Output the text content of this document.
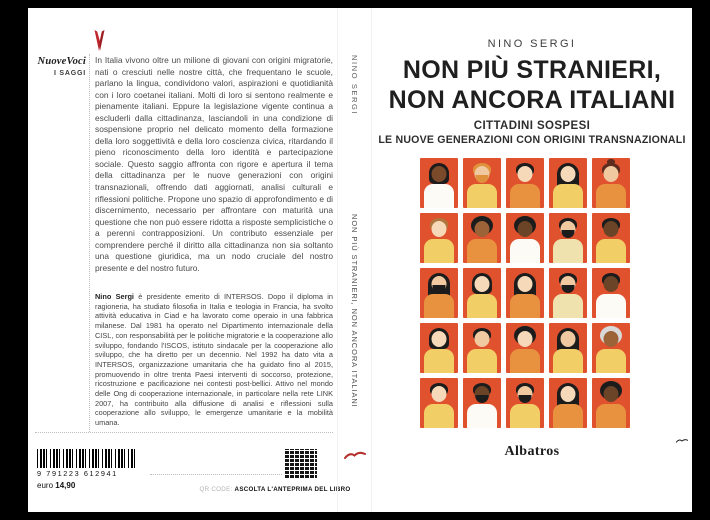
NuoveVoci
I SAGGI
In Italia vivono oltre un milione di giovani con origini migratorie, nati o cresciuti nelle nostre città, che frequentano le scuole, parlano la lingua, condividono valori, aspirazioni e quotidianità con i loro coetanei italiani. Molti di loro si sentono realmente e pienamente italiani. Eppure la legislazione vigente continua a escluderli dalla cittadinanza, lasciandoli in una condizione di sospensione proprio nel delicato momento della formazione della loro soggettività e della loro coscienza civica, ritardando il pieno riconoscimento della loro identità e partecipazione sociale. Questo saggio affronta con rigore e apertura il tema della cittadinanza per le nuove generazioni con origini transnazionali, offrendo dati aggiornati, analisi culturali e riflessioni politiche. Propone uno spazio di approfondimento e di discernimento, necessario per affrontare con maturità una questione che non può essere ridotta a risposte semplicistiche o a perenni contrapposizioni. Un contributo essenziale per comprendere perché il diritto alla cittadinanza non sia soltanto una questione giuridica, ma un nodo cruciale del nostro presente e del nostro futuro.
Nino Sergi è presidente emerito di INTERSOS. Dopo il diploma in ragioneria, ha studiato filosofia in Italia e teologia in Francia, ha svolto attività educativa in Ciad e ha lavorato come operaio in una fabbrica milanese. Dal 1981 ha operato nel Dipartimento internazionale della CISL, con responsabilità per le politiche migratorie e la cooperazione allo sviluppo, fondando l'ISCOS, istituto sindacale per la cooperazione allo sviluppo, che ha diretto per un decennio. Nel 1992 ha dato vita a INTERSOS, organizzazione umanitaria che ha guidato fino al 2015, promuovendo in oltre trenta Paesi interventi di soccorso, protezione, ricostruzione e pacificazione nei contesti post-bellici. Attivo nel mondo delle Ong di cooperazione internazionale, in particolare nella rete LINK 2007, ha contribuito alla diffusione di analisi e riflessioni sulla cooperazione allo sviluppo, le emergenze umanitarie e la mobilità umana.
9 791223 612941
euro 14,90	QR CODE: ASCOLTA L'ANTEPRIMA DEL LIBRO
NINO SERGI
NON PIÙ STRANIERI, NON ANCORA ITALIANI
NINO SERGI
NON PIÙ STRANIERI,
NON ANCORA ITALIANI
CITTADINI SOSPESI
LE NUOVE GENERAZIONI CON ORIGINI TRANSNAZIONALI
Albatros
